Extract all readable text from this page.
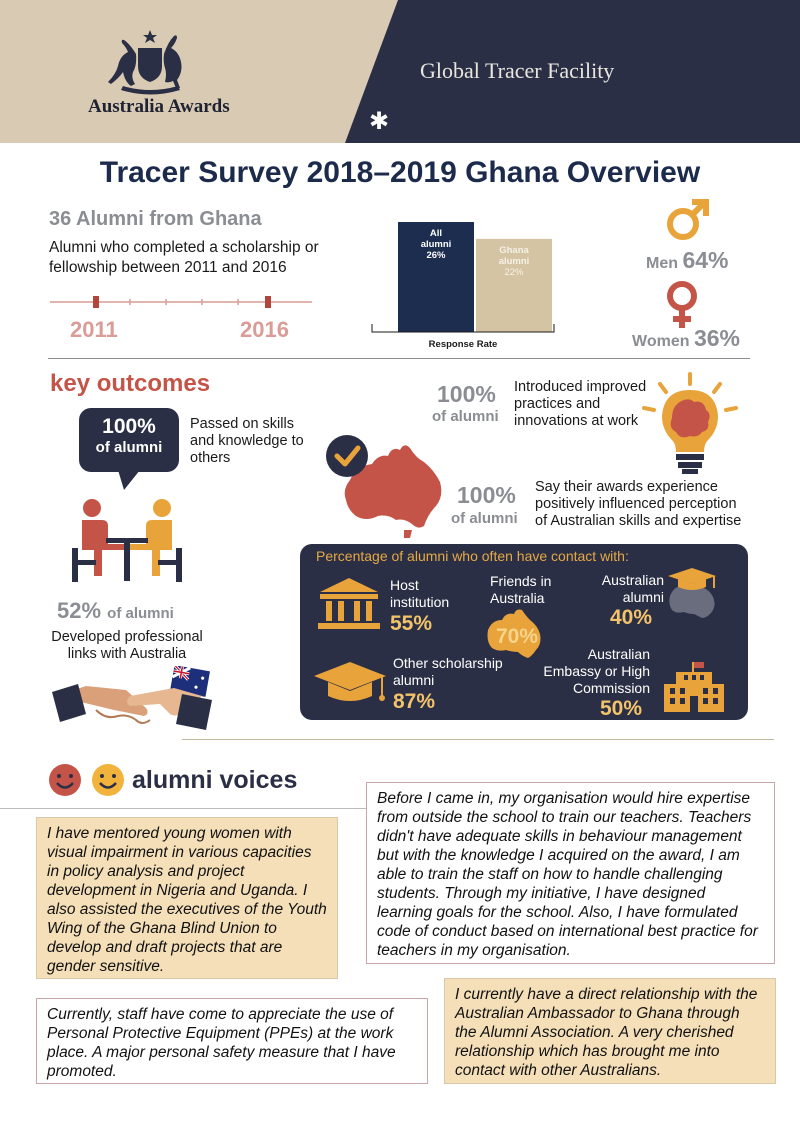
Australia Awards
Global Tracer Facility
✱
Tracer Survey 2018–2019 Ghana Overview
36 Alumni from Ghana
Alumni who completed a scholarship or fellowship between 2011 and 2016
2011	2016
All
alumni
26%	Ghana
alumni
22%
Response Rate
Men 64%
Women 36%
key outcomes
100%
of alumni
Passed on skills and knowledge to others
52% of alumni
Developed professional links with Australia
100%
of alumni
Introduced improved practices and innovations at work
100%
of alumni
Say their awards experience positively influenced perception of Australian skills and expertise
Percentage of alumni who often have contact with:
Host institution
55%
Friends in Australia
70%
Australian alumni
40%
Other scholarship alumni
87%
Australian Embassy or High Commission
50%
alumni voices
I have mentored young women with visual impairment in various capacities in policy analysis and project development in Nigeria and Uganda. I also assisted the executives of the Youth Wing of the Ghana Blind Union to develop and draft projects that are gender sensitive.
Before I came in, my organisation would hire expertise from outside the school to train our teachers. Teachers didn't have adequate skills in behaviour management but with the knowledge I acquired on the award, I am able to train the staff on how to handle challenging students. Through my initiative, I have designed learning goals for the school. Also, I have formulated code of conduct based on international best practice for teachers in my organisation.
Currently, staff have come to appreciate the use of Personal Protective Equipment (PPEs) at the work place. A major personal safety measure that I have promoted.
I currently have a direct relationship with the Australian Ambassador to Ghana through the Alumni Association. A very cherished relationship which has brought me into contact with other Australians.
